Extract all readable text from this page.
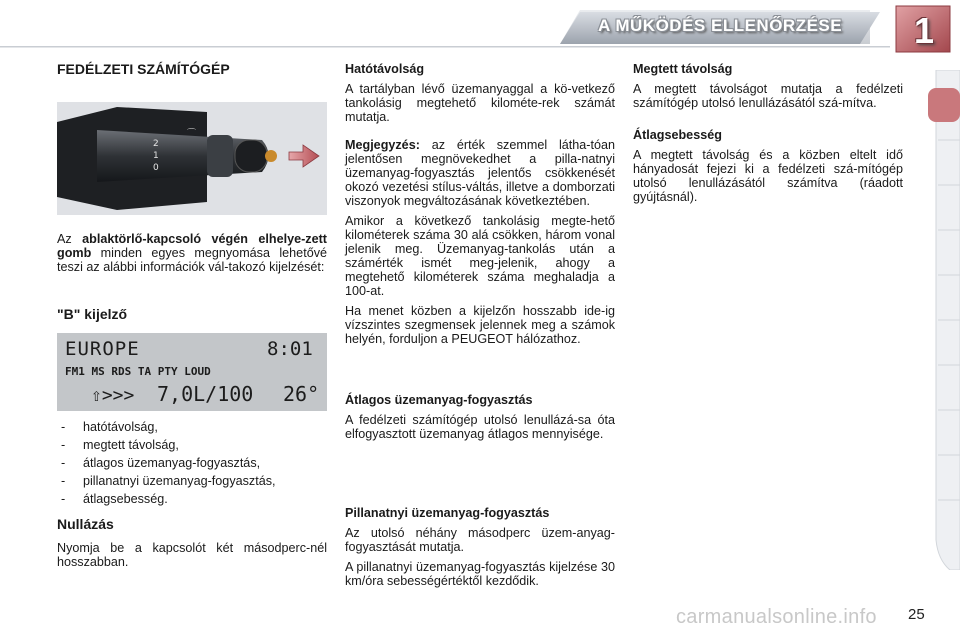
A MŰKÖDÉS ELLENŐRZÉSE 1

FEDÉLZETI SZÁMÍTÓGÉP

2
1
0
⌒

Az ablaktörlő-kapcsoló végén elhelye-zett gomb minden egyes megnyomása lehetővé teszi az alábbi információk vál-takozó kijelzését:

"B" kijelző

EUROPE	8:01
FM1 MS RDS TA PTY LOUD
⇧>>> 7,0L/100 26°
- hatótávolság,
- megtett távolság,
- átlagos üzemanyag-fogyasztás,
- pillanatnyi üzemanyag-fogyasztás,
- átlagsebesség.

Nullázás

Nyomja be a kapcsolót két másodperc-nél hosszabban.

Hatótávolság

A tartályban lévő üzemanyaggal a kö-vetkező tankolásig megtehető kilométe-rek számát mutatja.

Megjegyzés: az érték szemmel látha-tóan jelentősen megnövekedhet a pilla-natnyi üzemanyag-fogyasztás jelentős csökkenését okozó vezetési stílus-váltás, illetve a domborzati viszonyok megváltozásának következtében.

Amikor a következő tankolásig megte-hető kilométerek száma 30 alá csökken, három vonal jelenik meg. Üzemanyag-tankolás után a számérték ismét meg-jelenik, ahogy a megtehető kilométerek száma meghaladja a 100-at.

Ha menet közben a kijelzőn hosszabb ide-ig vízszintes szegmensek jelennek meg a számok helyén, forduljon a PEUGEOT hálózathoz.

Átlagos üzemanyag-fogyasztás

A fedélzeti számítógép utolsó lenullázá-sa óta elfogyasztott üzemanyag átlagos mennyisége.

Pillanatnyi üzemanyag-fogyasztás

Az utolsó néhány másodperc üzem-anyag-fogyasztását mutatja.

A pillanatnyi üzemanyag-fogyasztás kijelzése 30 km/óra sebességértéktől kezdődik.

Megtett távolság

A megtett távolságot mutatja a fedélzeti számítógép utolsó lenullázásától szá-mítva.

Átlagsebesség

A megtett távolság és a közben eltelt idő hányadosát fejezi ki a fedélzeti szá-mítógép utolsó lenullázásától számítva (ráadott gyújtásnál).

carmanualsonline.info 25
